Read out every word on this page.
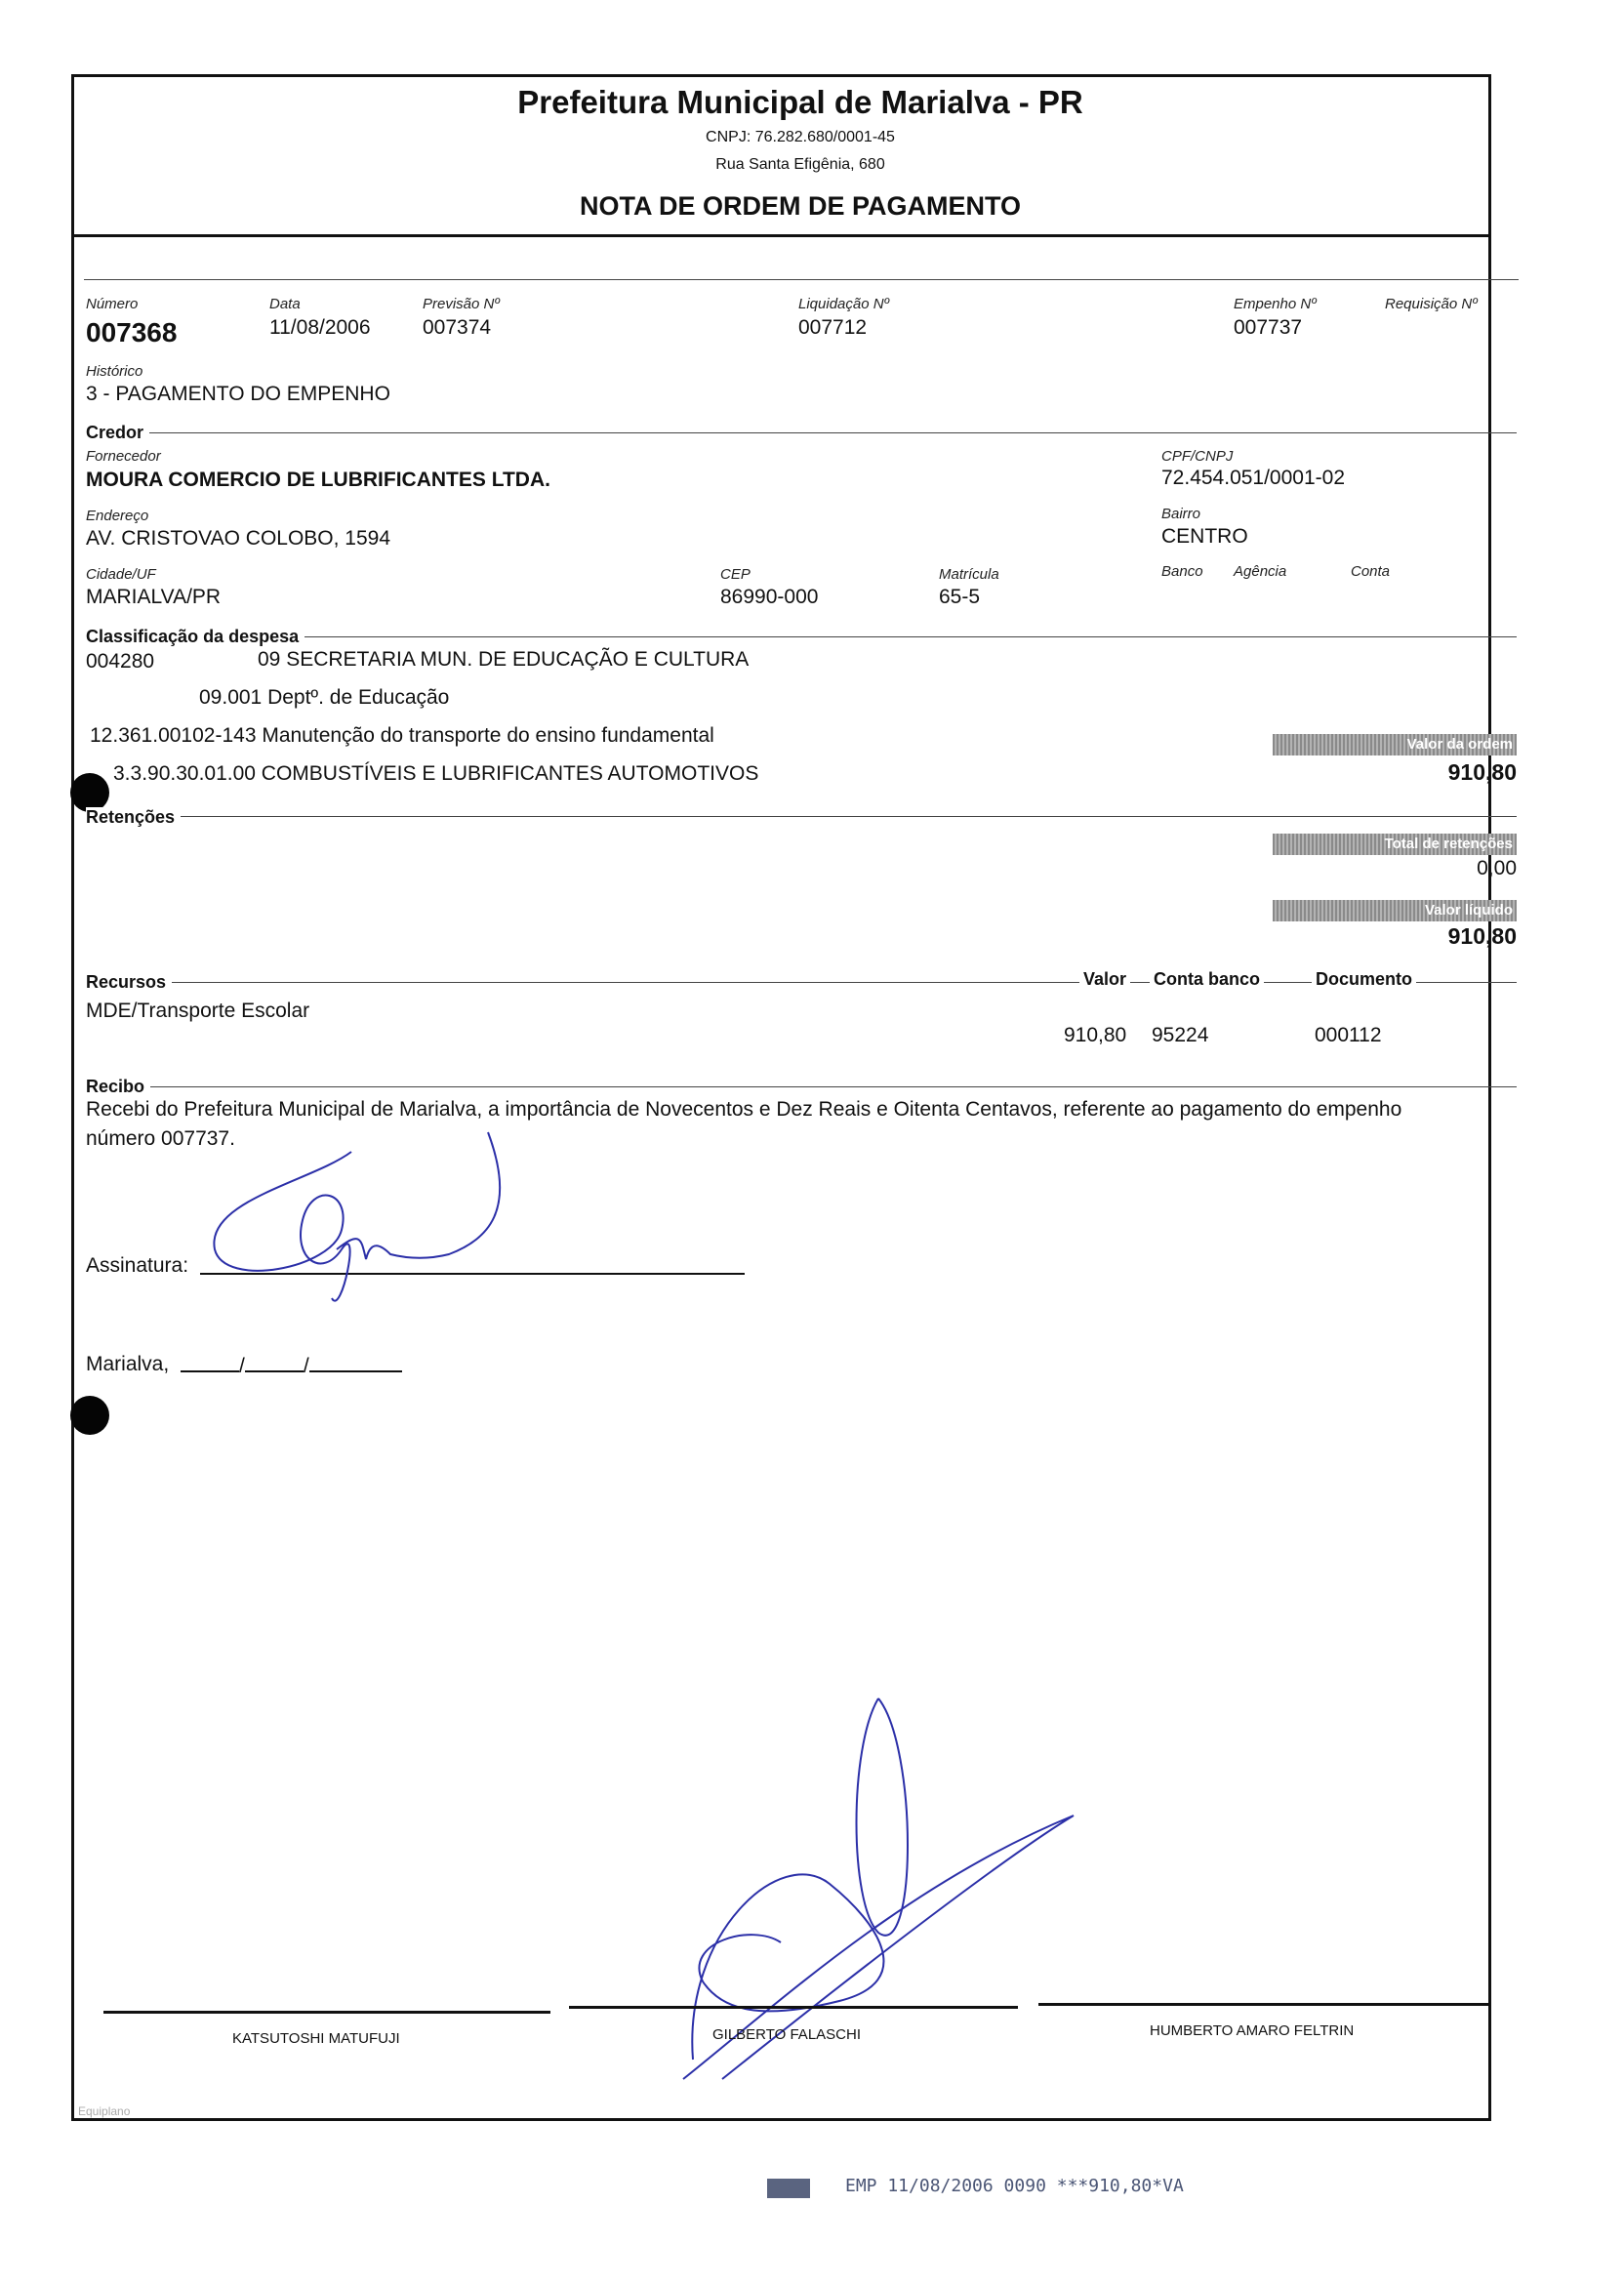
Prefeitura Municipal de Marialva - PR
CNPJ: 76.282.680/0001-45
Rua Santa Efigênia, 680
NOTA DE ORDEM DE PAGAMENTO
Número
007368
Data
11/08/2006
Previsão Nº
007374
Liquidação Nº
007712
Empenho Nº
007737
Requisição Nº
Histórico
3 - PAGAMENTO DO EMPENHO
Credor
Fornecedor
MOURA COMERCIO DE LUBRIFICANTES LTDA.
CPF/CNPJ
72.454.051/0001-02
Endereço
AV. CRISTOVAO COLOBO, 1594
Bairro
CENTRO
Cidade/UF
MARIALVA/PR
CEP
86990-000
Matrícula
65-5
Banco Agência	Conta
Classificação da despesa
004280	09 SECRETARIA MUN. DE EDUCAÇÃO E CULTURA
09.001 Deptº. de Educação
12.361.00102-143 Manutenção do transporte do ensino fundamental
3.3.90.30.01.00 COMBUSTÍVEIS E LUBRIFICANTES AUTOMOTIVOS
Valor da ordem
910,80
Retenções
Total de retenções
0,00
Valor líquido
910,80
Recursos	Valor Conta banco	Documento
MDE/Transporte Escolar
910,80 95224	000112
Recibo
Recebi do Prefeitura Municipal de Marialva, a importância de Novecentos e Dez Reais e Oitenta Centavos, referente ao pagamento do empenho
número 007737.
Assinatura:
Marialva,	/	/
KATSUTOSHI MATUFUJI	GILBERTO FALASCHI	HUMBERTO AMARO FELTRIN
Equiplano
EMP 11/08/2006 0090 ***910,80*VA
